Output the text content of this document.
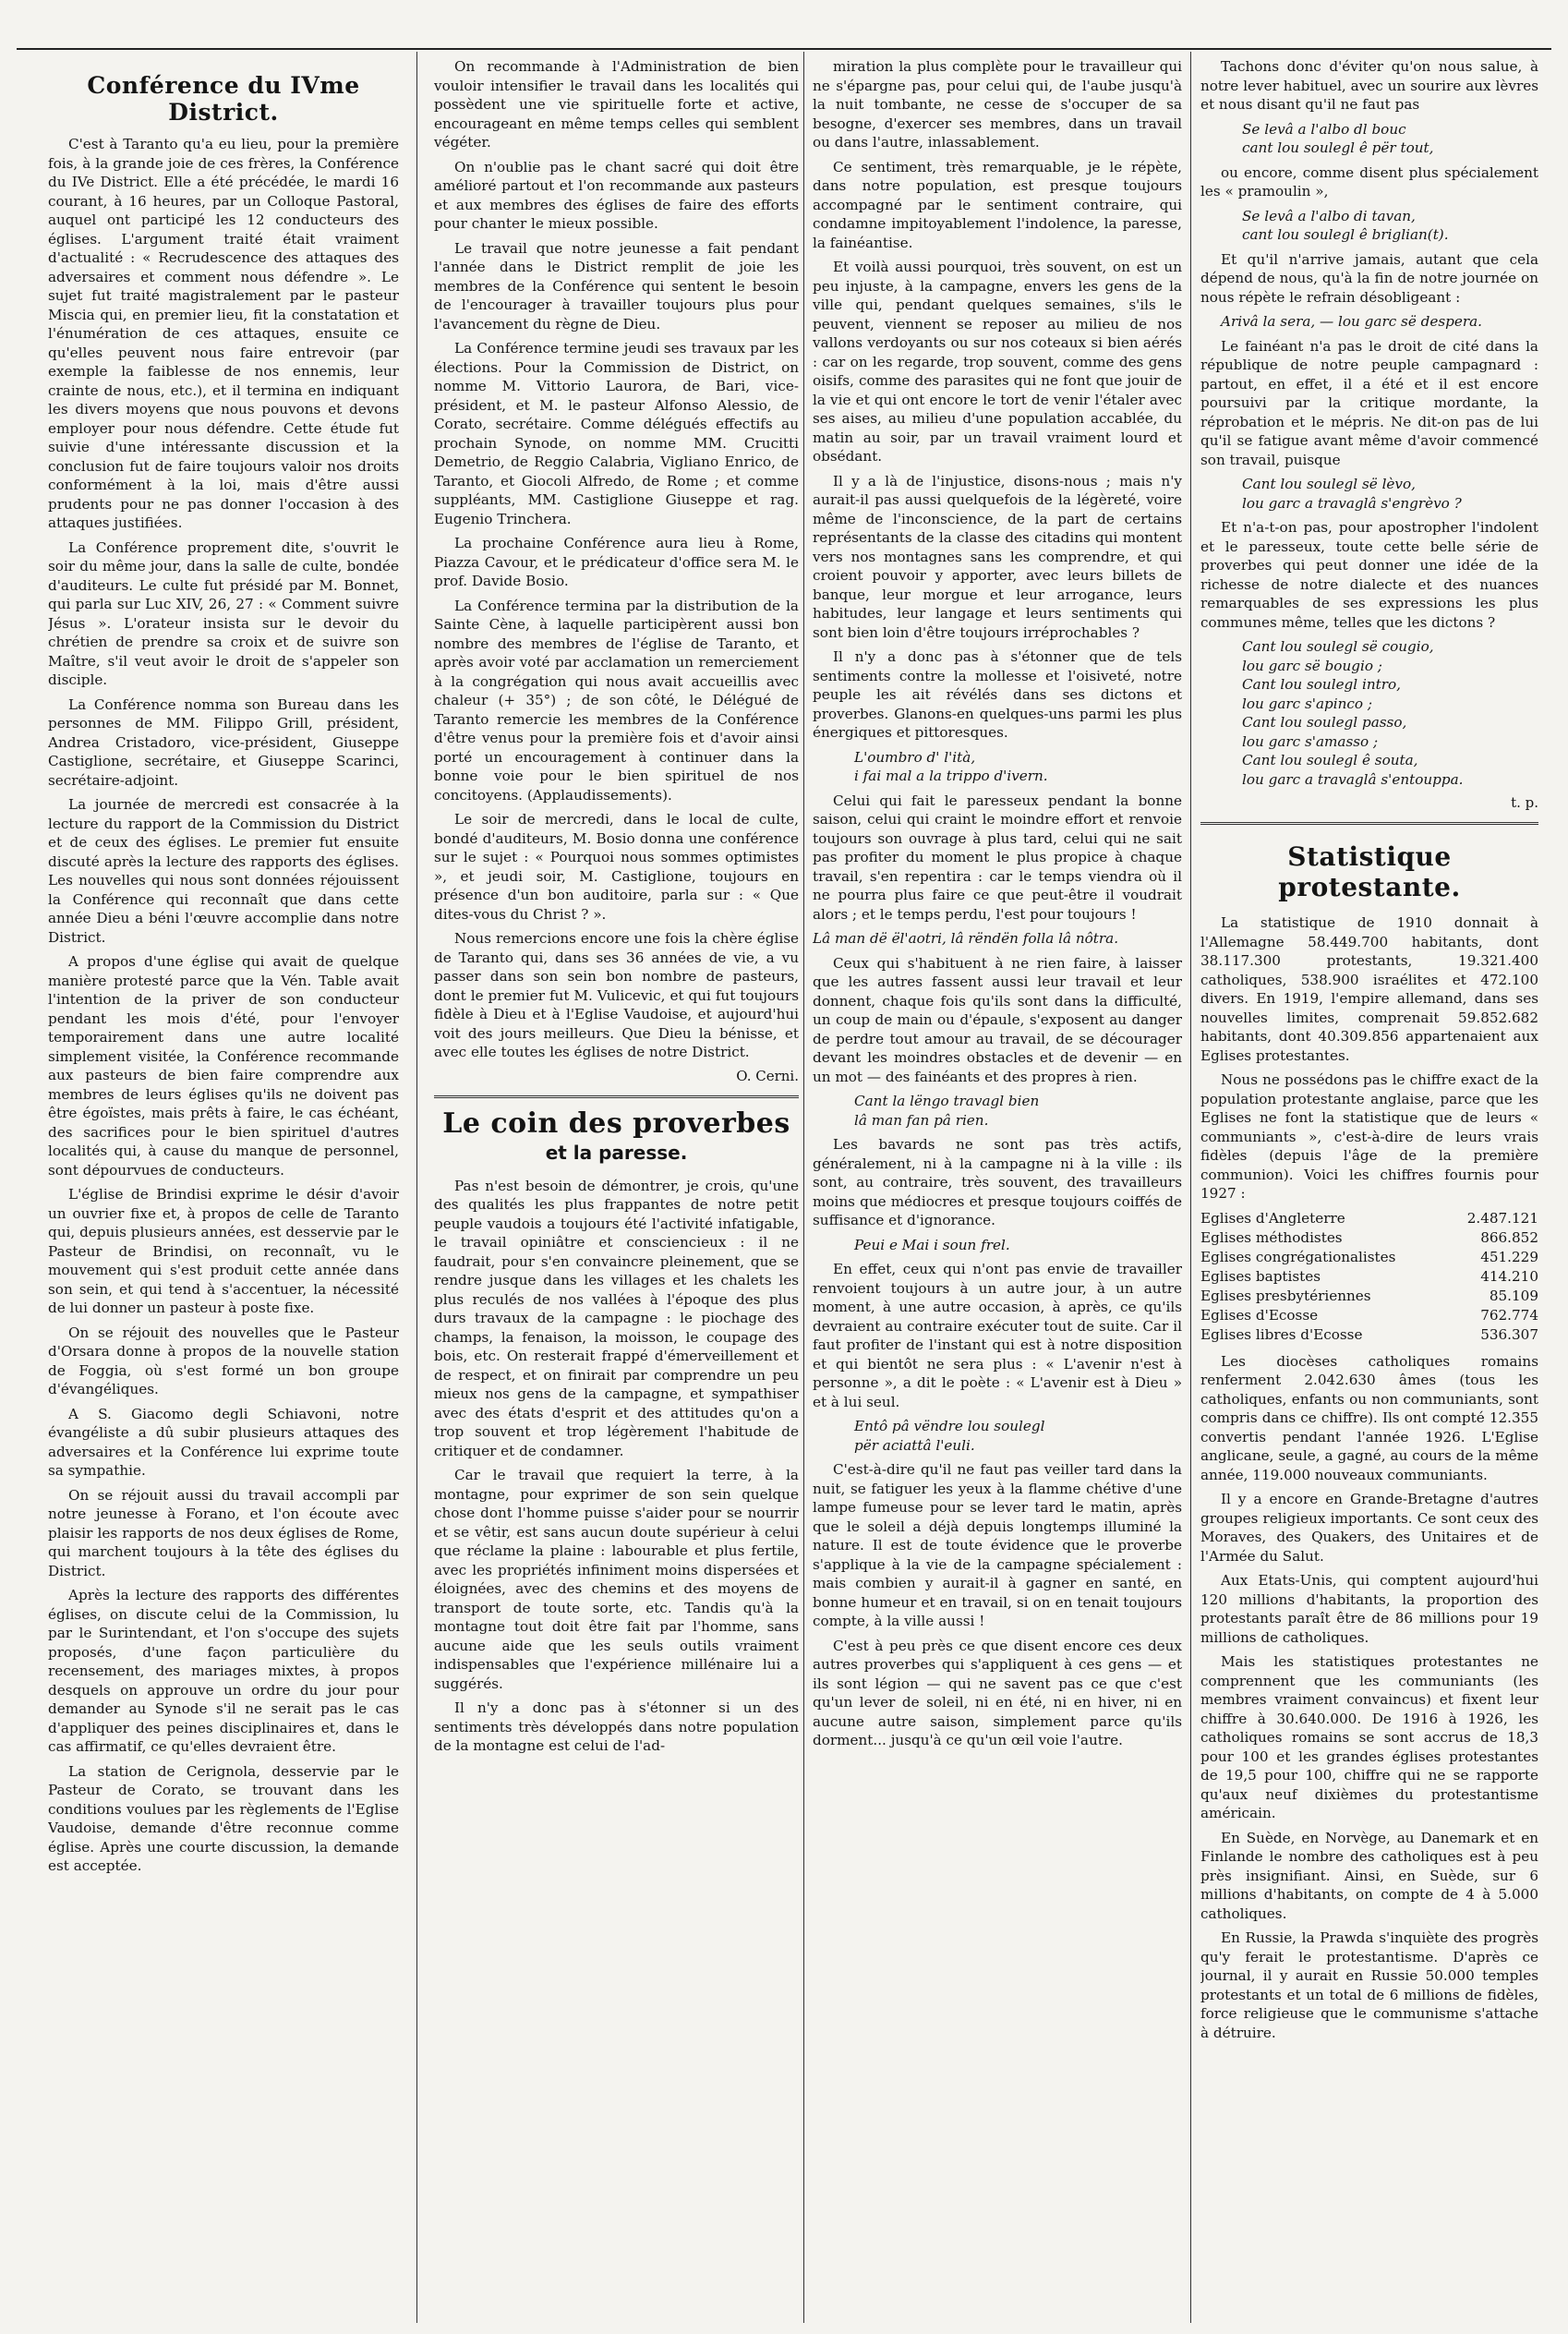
Conférence du IVme District.

C'est à Taranto qu'a eu lieu, pour la première fois, à la grande joie de ces frères, la Conférence du IVe District. Elle a été précédée, le mardi 16 courant, à 16 heures, par un Colloque Pastoral, auquel ont participé les 12 conducteurs des églises. L'argument traité était vraiment d'actualité : « Recrudescence des attaques des adversaires et comment nous défendre ». Le sujet fut traité magistralement par le pasteur Miscia qui, en premier lieu, fit la constatation et l'énumération de ces attaques, ensuite ce qu'elles peuvent nous faire entrevoir (par exemple la faiblesse de nos ennemis, leur crainte de nous, etc.), et il termina en indiquant les divers moyens que nous pouvons et devons employer pour nous défendre. Cette étude fut suivie d'une intéressante discussion et la conclusion fut de faire toujours valoir nos droits conformément à la loi, mais d'être aussi prudents pour ne pas donner l'occasion à des attaques justifiées.

La Conférence proprement dite, s'ouvrit le soir du même jour, dans la salle de culte, bondée d'auditeurs. Le culte fut présidé par M. Bonnet, qui parla sur Luc XIV, 26, 27 : « Comment suivre Jésus ». L'orateur insista sur le devoir du chrétien de prendre sa croix et de suivre son Maître, s'il veut avoir le droit de s'appeler son disciple.

La Conférence nomma son Bureau dans les personnes de MM. Filippo Grill, président, Andrea Cristadoro, vice-président, Giuseppe Castiglione, secrétaire, et Giuseppe Scarinci, secrétaire-adjoint.

La journée de mercredi est consacrée à la lecture du rapport de la Commission du District et de ceux des églises. Le premier fut ensuite discuté après la lecture des rapports des églises. Les nouvelles qui nous sont données réjouissent la Conférence qui reconnaît que dans cette année Dieu a béni l'œuvre accomplie dans notre District.

A propos d'une église qui avait de quelque manière protesté parce que la Vén. Table avait l'intention de la priver de son conducteur pendant les mois d'été, pour l'envoyer temporairement dans une autre localité simplement visitée, la Conférence recommande aux pasteurs de bien faire comprendre aux membres de leurs églises qu'ils ne doivent pas être égoïstes, mais prêts à faire, le cas échéant, des sacrifices pour le bien spirituel d'autres localités qui, à cause du manque de personnel, sont dépourvues de conducteurs.

L'église de Brindisi exprime le désir d'avoir un ouvrier fixe et, à propos de celle de Taranto qui, depuis plusieurs années, est desservie par le Pasteur de Brindisi, on reconnaît, vu le mouvement qui s'est produit cette année dans son sein, et qui tend à s'accentuer, la nécessité de lui donner un pasteur à poste fixe.

On se réjouit des nouvelles que le Pasteur d'Orsara donne à propos de la nouvelle station de Foggia, où s'est formé un bon groupe d'évangéliques.

A S. Giacomo degli Schiavoni, notre évangéliste a dû subir plusieurs attaques des adversaires et la Conférence lui exprime toute sa sympathie.

On se réjouit aussi du travail accompli par notre jeunesse à Forano, et l'on écoute avec plaisir les rapports de nos deux églises de Rome, qui marchent toujours à la tête des églises du District.

Après la lecture des rapports des différentes églises, on discute celui de la Commission, lu par le Surintendant, et l'on s'occupe des sujets proposés, d'une façon particulière du recensement, des mariages mixtes, à propos desquels on approuve un ordre du jour pour demander au Synode s'il ne serait pas le cas d'appliquer des peines disciplinaires et, dans le cas affirmatif, ce qu'elles devraient être.

La station de Cerignola, desservie par le Pasteur de Corato, se trouvant dans les conditions voulues par les règlements de l'Eglise Vaudoise, demande d'être reconnue comme église. Après une courte discussion, la demande est acceptée.

On recommande à l'Administration de bien vouloir intensifier le travail dans les localités qui possèdent une vie spirituelle forte et active, encourageant en même temps celles qui semblent végéter.

On n'oublie pas le chant sacré qui doit être amélioré partout et l'on recommande aux pasteurs et aux membres des églises de faire des efforts pour chanter le mieux possible.

Le travail que notre jeunesse a fait pendant l'année dans le District remplit de joie les membres de la Conférence qui sentent le besoin de l'encourager à travailler toujours plus pour l'avancement du règne de Dieu.

La Conférence termine jeudi ses travaux par les élections. Pour la Commission de District, on nomme M. Vittorio Laurora, de Bari, vice-président, et M. le pasteur Alfonso Alessio, de Corato, secrétaire. Comme délégués effectifs au prochain Synode, on nomme MM. Crucitti Demetrio, de Reggio Calabria, Vigliano Enrico, de Taranto, et Giocoli Alfredo, de Rome ; et comme suppléants, MM. Castiglione Giuseppe et rag. Eugenio Trinchera.

La prochaine Conférence aura lieu à Rome, Piazza Cavour, et le prédicateur d'office sera M. le prof. Davide Bosio.

La Conférence termina par la distribution de la Sainte Cène, à laquelle participèrent aussi bon nombre des membres de l'église de Taranto, et après avoir voté par acclamation un remerciement à la congrégation qui nous avait accueillis avec chaleur (+ 35°) ; de son côté, le Délégué de Taranto remercie les membres de la Conférence d'être venus pour la première fois et d'avoir ainsi porté un encouragement à continuer dans la bonne voie pour le bien spirituel de nos concitoyens. (Applaudissements).

Le soir de mercredi, dans le local de culte, bondé d'auditeurs, M. Bosio donna une conférence sur le sujet : « Pourquoi nous sommes optimistes », et jeudi soir, M. Castiglione, toujours en présence d'un bon auditoire, parla sur : « Que dites-vous du Christ ? ».

Nous remercions encore une fois la chère église de Taranto qui, dans ses 36 années de vie, a vu passer dans son sein bon nombre de pasteurs, dont le premier fut M. Vulicevic, et qui fut toujours fidèle à Dieu et à l'Eglise Vaudoise, et aujourd'hui voit des jours meilleurs. Que Dieu la bénisse, et avec elle toutes les églises de notre District.

O. Cerni.
Le coin des proverbes
et la paresse.

Pas n'est besoin de démontrer, je crois, qu'une des qualités les plus frappantes de notre petit peuple vaudois a toujours été l'activité infatigable, le travail opiniâtre et consciencieux : il ne faudrait, pour s'en convaincre pleinement, que se rendre jusque dans les villages et les chalets les plus reculés de nos vallées à l'époque des plus durs travaux de la campagne : le piochage des champs, la fenaison, la moisson, le coupage des bois, etc. On resterait frappé d'émerveillement et de respect, et on finirait par comprendre un peu mieux nos gens de la campagne, et sympathiser avec des états d'esprit et des attitudes qu'on a trop souvent et trop légèrement l'habitude de critiquer et de condamner.

Car le travail que requiert la terre, à la montagne, pour exprimer de son sein quelque chose dont l'homme puisse s'aider pour se nourrir et se vêtir, est sans aucun doute supérieur à celui que réclame la plaine : labourable et plus fertile, avec les propriétés infiniment moins dispersées et éloignées, avec des chemins et des moyens de transport de toute sorte, etc. Tandis qu'à la montagne tout doit être fait par l'homme, sans aucune aide que les seuls outils vraiment indispensables que l'expérience millénaire lui a suggérés.

Il n'y a donc pas à s'étonner si un des sentiments très développés dans notre population de la montagne est celui de l'ad-

miration la plus complète pour le travailleur qui ne s'épargne pas, pour celui qui, de l'aube jusqu'à la nuit tombante, ne cesse de s'occuper de sa besogne, d'exercer ses membres, dans un travail ou dans l'autre, inlassablement.

Ce sentiment, très remarquable, je le répète, dans notre population, est presque toujours accompagné par le sentiment contraire, qui condamne impitoyablement l'indolence, la paresse, la fainéantise.

Et voilà aussi pourquoi, très souvent, on est un peu injuste, à la campagne, envers les gens de la ville qui, pendant quelques semaines, s'ils le peuvent, viennent se reposer au milieu de nos vallons verdoyants ou sur nos coteaux si bien aérés : car on les regarde, trop souvent, comme des gens oisifs, comme des parasites qui ne font que jouir de la vie et qui ont encore le tort de venir l'étaler avec ses aises, au milieu d'une population accablée, du matin au soir, par un travail vraiment lourd et obsédant.

Il y a là de l'injustice, disons-nous ; mais n'y aurait-il pas aussi quelquefois de la légèreté, voire même de l'inconscience, de la part de certains représentants de la classe des citadins qui montent vers nos montagnes sans les comprendre, et qui croient pouvoir y apporter, avec leurs billets de banque, leur morgue et leur arrogance, leurs habitudes, leur langage et leurs sentiments qui sont bien loin d'être toujours irréprochables ?

Il n'y a donc pas à s'étonner que de tels sentiments contre la mollesse et l'oisiveté, notre peuple les ait révélés dans ses dictons et proverbes. Glanons-en quelques-uns parmi les plus énergiques et pittoresques.

L'oumbro d' l'ità,
i fai mal a la trippo d'ivern.

Celui qui fait le paresseux pendant la bonne saison, celui qui craint le moindre effort et renvoie toujours son ouvrage à plus tard, celui qui ne sait pas profiter du moment le plus propice à chaque travail, s'en repentira : car le temps viendra où il ne pourra plus faire ce que peut-être il voudrait alors ; et le temps perdu, l'est pour toujours !

Lâ man dë ël'aotri, lâ rëndën folla lâ nôtra.

Ceux qui s'habituent à ne rien faire, à laisser que les autres fassent aussi leur travail et leur donnent, chaque fois qu'ils sont dans la difficulté, un coup de main ou d'épaule, s'exposent au danger de perdre tout amour au travail, de se décourager devant les moindres obstacles et de devenir — en un mot — des fainéants et des propres à rien.

Cant la lëngo travagl bien
lâ man fan pâ rien.

Les bavards ne sont pas très actifs, généralement, ni à la campagne ni à la ville : ils sont, au contraire, très souvent, des travailleurs moins que médiocres et presque toujours coiffés de suffisance et d'ignorance.

Peui e Mai i soun frel.

En effet, ceux qui n'ont pas envie de travailler renvoient toujours à un autre jour, à un autre moment, à une autre occasion, à après, ce qu'ils devraient au contraire exécuter tout de suite. Car il faut profiter de l'instant qui est à notre disposition et qui bientôt ne sera plus : « L'avenir n'est à personne », a dit le poète : « L'avenir est à Dieu » et à lui seul.

Entô pâ vëndre lou soulegl
për aciattâ l'euli.

C'est-à-dire qu'il ne faut pas veiller tard dans la nuit, se fatiguer les yeux à la flamme chétive d'une lampe fumeuse pour se lever tard le matin, après que le soleil a déjà depuis longtemps illuminé la nature. Il est de toute évidence que le proverbe s'applique à la vie de la campagne spécialement : mais combien y aurait-il à gagner en santé, en bonne humeur et en travail, si on en tenait toujours compte, à la ville aussi !

C'est à peu près ce que disent encore ces deux autres proverbes qui s'appliquent à ces gens — et ils sont légion — qui ne savent pas ce que c'est qu'un lever de soleil, ni en été, ni en hiver, ni en aucune autre saison, simplement parce qu'ils dorment... jusqu'à ce qu'un œil voie l'autre.

Tachons donc d'éviter qu'on nous salue, à notre lever habituel, avec un sourire aux lèvres et nous disant qu'il ne faut pas

Se levâ a l'albo dl bouc
cant lou soulegl ê për tout,

ou encore, comme disent plus spécialement les « pramoulin »,

Se levâ a l'albo di tavan,
cant lou soulegl ê briglian(t).

Et qu'il n'arrive jamais, autant que cela dépend de nous, qu'à la fin de notre journée on nous répète le refrain désobligeant :

Arivâ la sera, — lou garc së despera.

Le fainéant n'a pas le droit de cité dans la république de notre peuple campagnard : partout, en effet, il a été et il est encore poursuivi par la critique mordante, la réprobation et le mépris. Ne dit-on pas de lui qu'il se fatigue avant même d'avoir commencé son travail, puisque

Cant lou soulegl së lèvo,
lou garc a travaglâ s'engrèvo ?

Et n'a-t-on pas, pour apostropher l'indolent et le paresseux, toute cette belle série de proverbes qui peut donner une idée de la richesse de notre dialecte et des nuances remarquables de ses expressions les plus communes même, telles que les dictons ?

Cant lou soulegl së cougio,
lou garc së bougio ;
Cant lou soulegl intro,
lou garc s'apinco ;
Cant lou soulegl passo,
lou garc s'amasso ;
Cant lou soulegl ê souta,
lou garc a travaglâ s'entouppa.
t. p.
Statistique protestante.

La statistique de 1910 donnait à l'Allemagne 58.449.700 habitants, dont 38.117.300 protestants, 19.321.400 catholiques, 538.900 israélites et 472.100 divers. En 1919, l'empire allemand, dans ses nouvelles limites, comprenait 59.852.682 habitants, dont 40.309.856 appartenaient aux Eglises protestantes.

Nous ne possédons pas le chiffre exact de la population protestante anglaise, parce que les Eglises ne font la statistique que de leurs « communiants », c'est-à-dire de leurs vrais fidèles (depuis l'âge de la première communion). Voici les chiffres fournis pour 1927 :

Eglises d'Angleterre	2.487.121
Eglises méthodistes	866.852
Eglises congrégationalistes	451.229
Eglises baptistes	414.210
Eglises presbytériennes	85.109
Eglises d'Ecosse	762.774
Eglises libres d'Ecosse	536.307

Les diocèses catholiques romains renferment 2.042.630 âmes (tous les catholiques, enfants ou non communiants, sont compris dans ce chiffre). Ils ont compté 12.355 convertis pendant l'année 1926. L'Eglise anglicane, seule, a gagné, au cours de la même année, 119.000 nouveaux communiants.

Il y a encore en Grande-Bretagne d'autres groupes religieux importants. Ce sont ceux des Moraves, des Quakers, des Unitaires et de l'Armée du Salut.

Aux Etats-Unis, qui comptent aujourd'hui 120 millions d'habitants, la proportion des protestants paraît être de 86 millions pour 19 millions de catholiques.

Mais les statistiques protestantes ne comprennent que les communiants (les membres vraiment convaincus) et fixent leur chiffre à 30.640.000. De 1916 à 1926, les catholiques romains se sont accrus de 18,3 pour 100 et les grandes églises protestantes de 19,5 pour 100, chiffre qui ne se rapporte qu'aux neuf dixièmes du protestantisme américain.

En Suède, en Norvège, au Danemark et en Finlande le nombre des catholiques est à peu près insignifiant. Ainsi, en Suède, sur 6 millions d'habitants, on compte de 4 à 5.000 catholiques.

En Russie, la Prawda s'inquiète des progrès qu'y ferait le protestantisme. D'après ce journal, il y aurait en Russie 50.000 temples protestants et un total de 6 millions de fidèles, force religieuse que le communisme s'attache à détruire.
